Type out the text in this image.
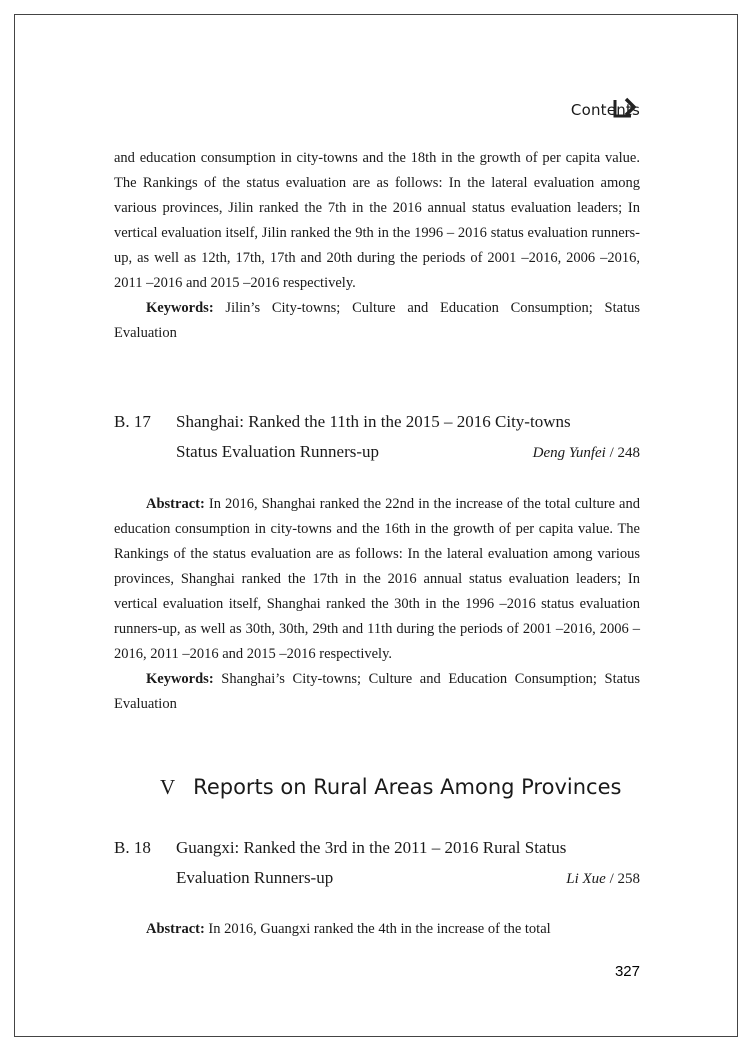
Contents

and education consumption in city-towns and the 18th in the growth of per capita value. The Rankings of the status evaluation are as follows: In the lateral evaluation among various provinces, Jilin ranked the 7th in the 2016 annual status evaluation leaders; In vertical evaluation itself, Jilin ranked the 9th in the 1996 – 2016 status evaluation runners-up, as well as 12th, 17th, 17th and 20th during the periods of 2001 –2016, 2006 –2016, 2011 –2016 and 2015 –2016 respectively.

Keywords: Jilin’s City-towns; Culture and Education Consumption; Status Evaluation

B. 17 Shanghai: Ranked the 11th in the 2015 – 2016 City-towns
Status Evaluation Runners-up	Deng Yunfei / 248

Abstract: In 2016, Shanghai ranked the 22nd in the increase of the total culture and education consumption in city-towns and the 16th in the growth of per capita value. The Rankings of the status evaluation are as follows: In the lateral evaluation among various provinces, Shanghai ranked the 17th in the 2016 annual status evaluation leaders; In vertical evaluation itself, Shanghai ranked the 30th in the 1996 –2016 status evaluation runners-up, as well as 30th, 30th, 29th and 11th during the periods of 2001 –2016, 2006 –2016, 2011 –2016 and 2015 –2016 respectively.

Keywords: Shanghai’s City-towns; Culture and Education Consumption; Status Evaluation

V Reports on Rural Areas Among Provinces
B. 18 Guangxi: Ranked the 3rd in the 2011 – 2016 Rural Status
Evaluation Runners-up	Li Xue / 258

Abstract: In 2016, Guangxi ranked the 4th in the increase of the total

327
